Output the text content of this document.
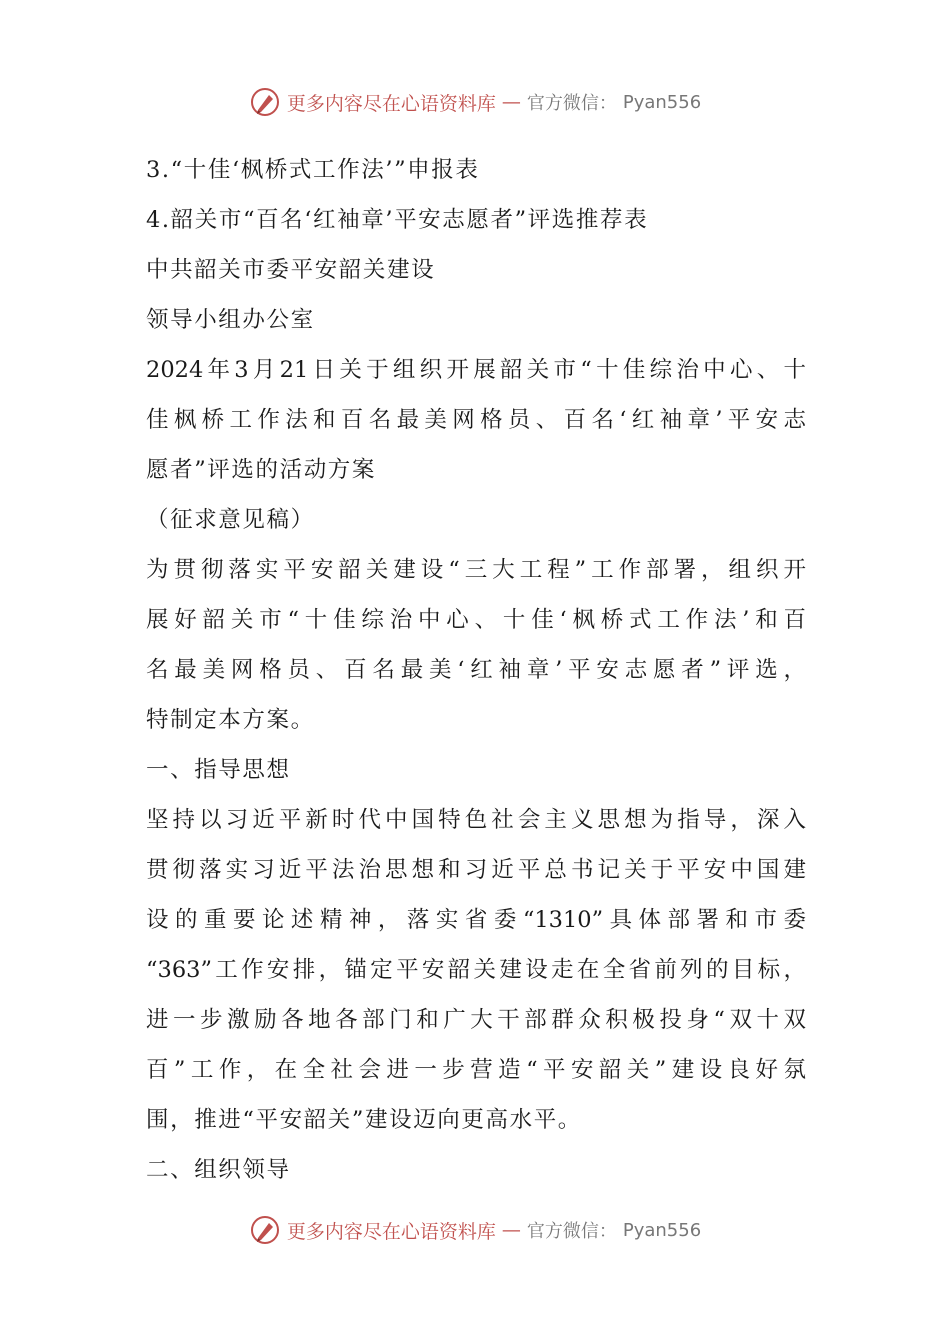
更多内容尽在心语资料库 — 官方微信： Pyan556
3.“十佳‘枫桥式工作法’”申报表
4.韶关市“百名‘红袖章’平安志愿者”评选推荐表
中共韶关市委平安韶关建设
领导小组办公室
2024年3月21日关于组织开展韶关市“十佳综治中心、十
佳枫桥工作法和百名最美网格员、百名‘红袖章’平安志
愿者”评选的活动方案
（征求意见稿）
为贯彻落实平安韶关建设“三大工程”工作部署，组织开
展好韶关市“十佳综治中心、十佳‘枫桥式工作法’和百
名最美网格员、百名最美‘红袖章’平安志愿者”评选，
特制定本方案。
一、指导思想
坚持以习近平新时代中国特色社会主义思想为指导，深入
贯彻落实习近平法治思想和习近平总书记关于平安中国建
设的重要论述精神，落实省委“1310”具体部署和市委
“363”工作安排，锚定平安韶关建设走在全省前列的目标，
进一步激励各地各部门和广大干部群众积极投身“双十双
百”工作，在全社会进一步营造“平安韶关”建设良好氛
围，推进“平安韶关”建设迈向更高水平。
二、组织领导
更多内容尽在心语资料库 — 官方微信： Pyan556
